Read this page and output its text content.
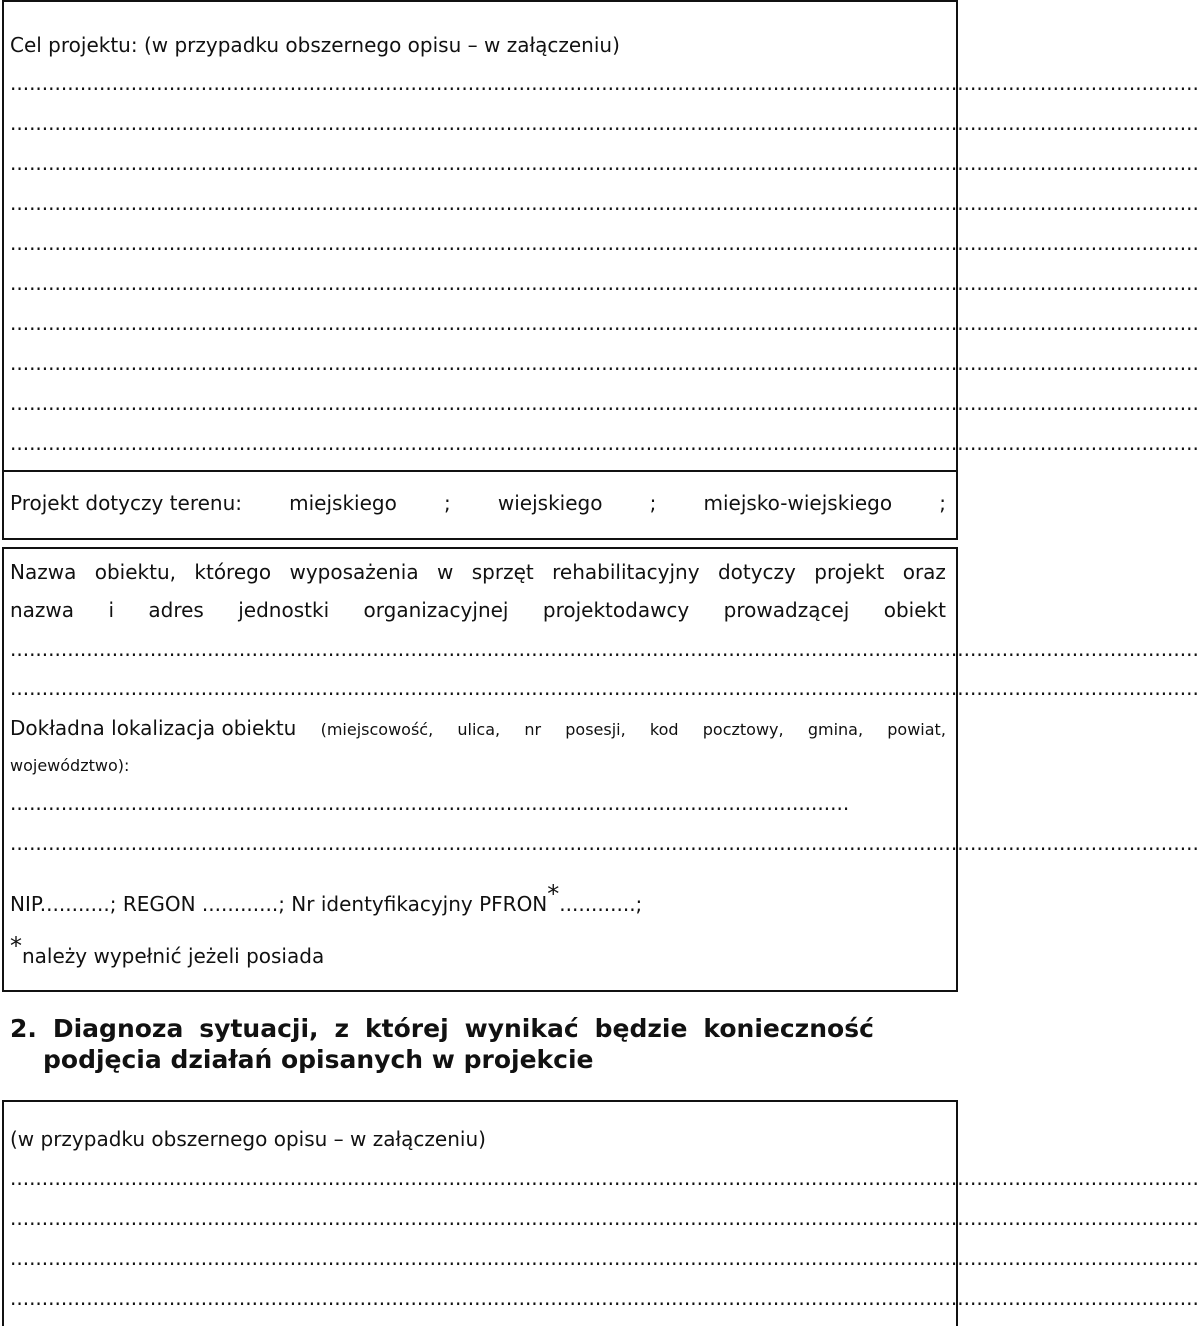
Cel projektu: (w przypadku obszernego opisu – w załączeniu)
...........................................................................................................................................................................................
...........................................................................................................................................................................................
...........................................................................................................................................................................................
...........................................................................................................................................................................................
...........................................................................................................................................................................................
...........................................................................................................................................................................................
...........................................................................................................................................................................................
...........................................................................................................................................................................................
...........................................................................................................................................................................................
...........................................................................................................................................................................................
Projekt dotyczy terenu: miejskiego ; wiejskiego ; miejsko-wiejskiego ;
Nazwa obiektu, którego wyposażenia w sprzęt rehabilitacyjny dotyczy projekt oraz
nazwa i adres jednostki organizacyjnej projektodawcy prowadzącej obiekt
...........................................................................................................................................................................................
...........................................................................................................................................................................................
Dokładna lokalizacja obiektu (miejscowość, ulica, nr posesji, kod pocztowy, gmina, powiat,
województwo):
....................................................................................................................................
...........................................................................................................................................................................................
NIP...........; REGON ............; Nr identyfikacyjny PFRON*............;
*należy wypełnić jeżeli posiada
2. Diagnoza sytuacji, z której wynikać będzie konieczność
podjęcia działań opisanych w projekcie
(w przypadku obszernego opisu – w załączeniu)
...........................................................................................................................................................................................
...........................................................................................................................................................................................
...........................................................................................................................................................................................
...........................................................................................................................................................................................
